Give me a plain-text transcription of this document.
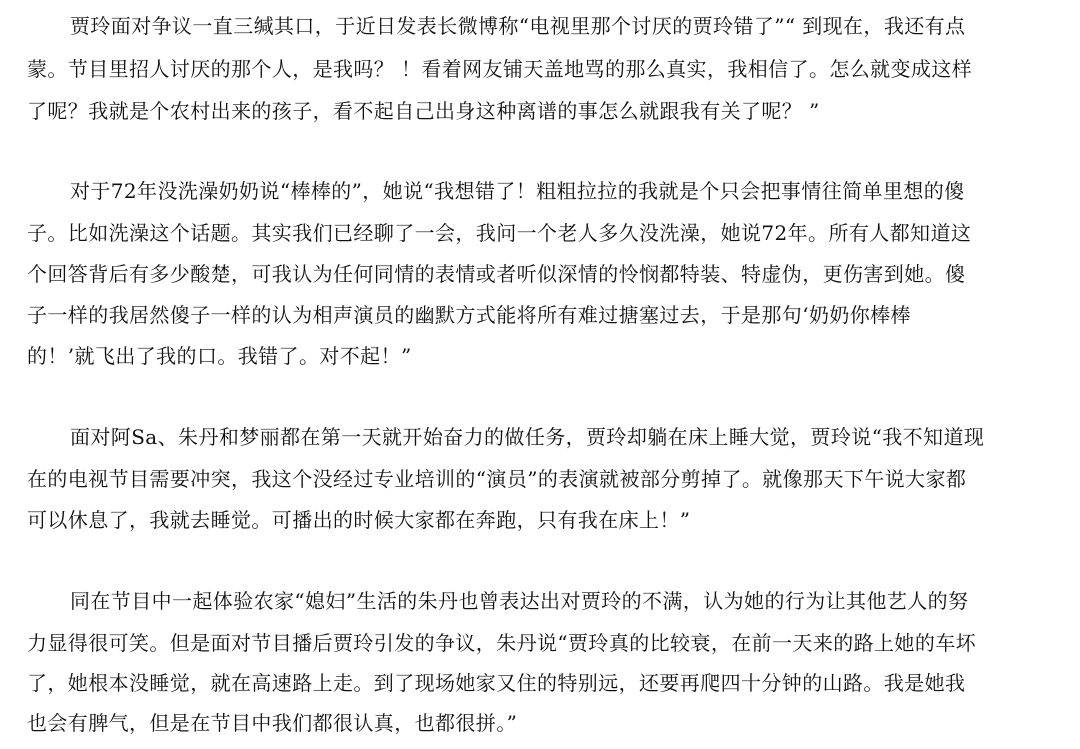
贾玲面对争议一直三缄其口，于近日发表长微博称“电视里那个讨厌的贾玲错了”“ 到现在，我还有点
蒙。节目里招人讨厌的那个人，是我吗？ ！看着网友铺天盖地骂的那么真实，我相信了。怎么就变成这样
了呢？我就是个农村出来的孩子，看不起自己出身这种离谱的事怎么就跟我有关了呢？ ”
对于72年没洗澡奶奶说“棒棒的”，她说“我想错了！粗粗拉拉的我就是个只会把事情往简单里想的傻
子。比如洗澡这个话题。其实我们已经聊了一会，我问一个老人多久没洗澡，她说72年。所有人都知道这
个回答背后有多少酸楚，可我认为任何同情的表情或者听似深情的怜悯都特装、特虚伪，更伤害到她。傻
子一样的我居然傻子一样的认为相声演员的幽默方式能将所有难过搪塞过去，于是那句‘奶奶你棒棒
的！’就飞出了我的口。我错了。对不起！”
面对阿Sa、朱丹和梦丽都在第一天就开始奋力的做任务，贾玲却躺在床上睡大觉，贾玲说“我不知道现
在的电视节目需要冲突，我这个没经过专业培训的“演员”的表演就被部分剪掉了。就像那天下午说大家都
可以休息了，我就去睡觉。可播出的时候大家都在奔跑，只有我在床上！”
同在节目中一起体验农家“媳妇”生活的朱丹也曾表达出对贾玲的不满，认为她的行为让其他艺人的努
力显得很可笑。但是面对节目播后贾玲引发的争议，朱丹说“贾玲真的比较衰，在前一天来的路上她的车坏
了，她根本没睡觉，就在高速路上走。到了现场她家又住的特别远，还要再爬四十分钟的山路。我是她我
也会有脾气，但是在节目中我们都很认真，也都很拼。”
